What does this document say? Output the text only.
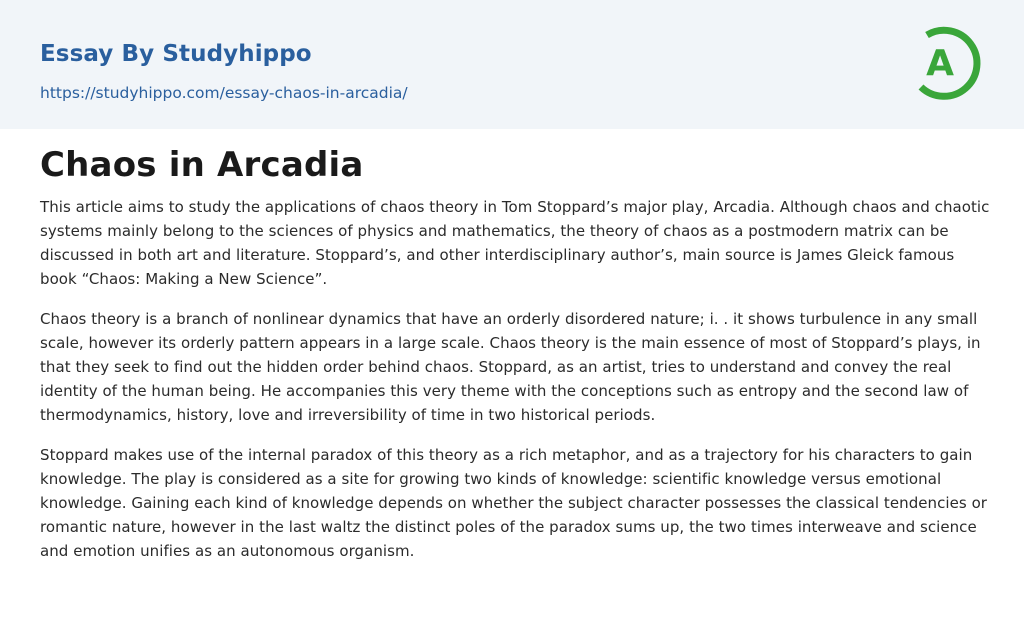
Essay By Studyhippo
https://studyhippo.com/essay-chaos-in-arcadia/
A
Chaos in Arcadia

This article aims to study the applications of chaos theory in Tom Stoppard’s major play, Arcadia. Although chaos and chaotic systems mainly belong to the sciences of physics and mathematics, the theory of chaos as a postmodern matrix can be discussed in both art and literature. Stoppard’s, and other interdisciplinary author’s, main source is James Gleick famous book “Chaos: Making a New Science”.

Chaos theory is a branch of nonlinear dynamics that have an orderly disordered nature; i. . it shows turbulence in any small scale, however its orderly pattern appears in a large scale. Chaos theory is the main essence of most of Stoppard’s plays, in that they seek to find out the hidden order behind chaos. Stoppard, as an artist, tries to understand and convey the real identity of the human being. He accompanies this very theme with the conceptions such as entropy and the second law of thermodynamics, history, love and irreversibility of time in two historical periods.

Stoppard makes use of the internal paradox of this theory as a rich metaphor, and as a trajectory for his characters to gain knowledge. The play is considered as a site for growing two kinds of knowledge: scientific knowledge versus emotional knowledge. Gaining each kind of knowledge depends on whether the subject character possesses the classical tendencies or romantic nature, however in the last waltz the distinct poles of the paradox sums up, the two times interweave and science and emotion unifies as an autonomous organism.
